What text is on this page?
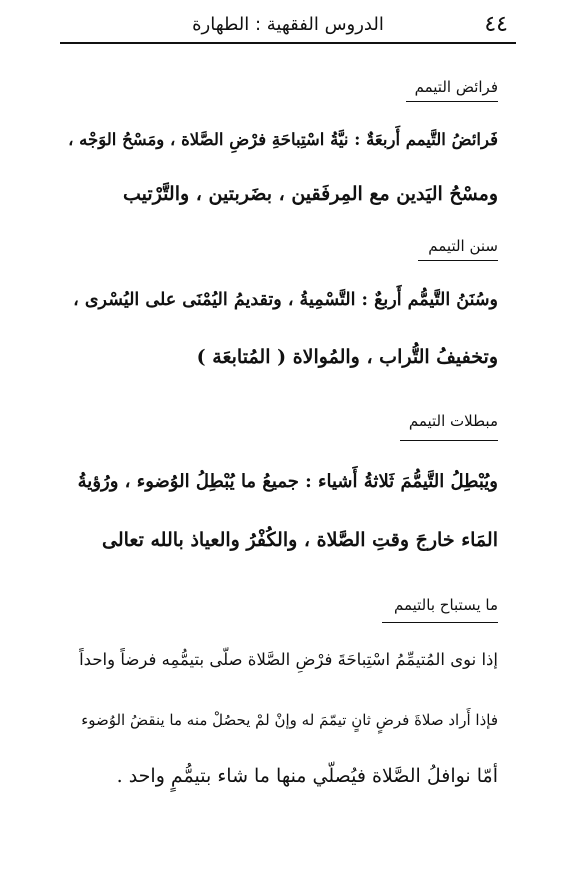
٤٤
الدروس الفقهية : الطهارة
فرائض التيمم
فَرائضُ التَّيمم أَربعَةٌ : نيَّةُ اسْتِباحَةِ فرْضِ الصَّلاة ، ومَسْحُ الوَجْه ،
ومسْحُ اليَدين مع المِرفَقين ، بضَربتين ، والتَّرْتيب
سنن التيمم
وسُنَنُ التَّيمُّم أَربعٌ : التَّسْمِيةُ ، وتقديمُ اليُمْنَى على اليُسْرى ،
وتخفيفُ التُّراب ، والمُوالاة ( المُتابعَة )
مبطلات التيمم
ويُبْطِلُ التَّيمُّمَ ثَلاثةُ أَشياء : جميعُ ما يُبْطِلُ الوُضوء ، ورُؤيةُ
المَاء خارجَ وقتِ الصَّلاة ، والكُفْرُ والعياذ بالله تعالى
ما يستباح بالتيمم
إذا نوى المُتيمِّمُ اسْتِباحَةَ فرْضِ الصَّلاة صلّى بتيمُّمِه فرضاً واحداً
فإذا أَراد صلاةَ فرضٍ ثانٍ تيمّمَ له وإنْ لمْ يحصُلْ منه ما ينقضُ الوُضوء
أمّا نوافلُ الصَّلاة فيُصلّي منها ما شاء بتيمُّمٍ واحد .
